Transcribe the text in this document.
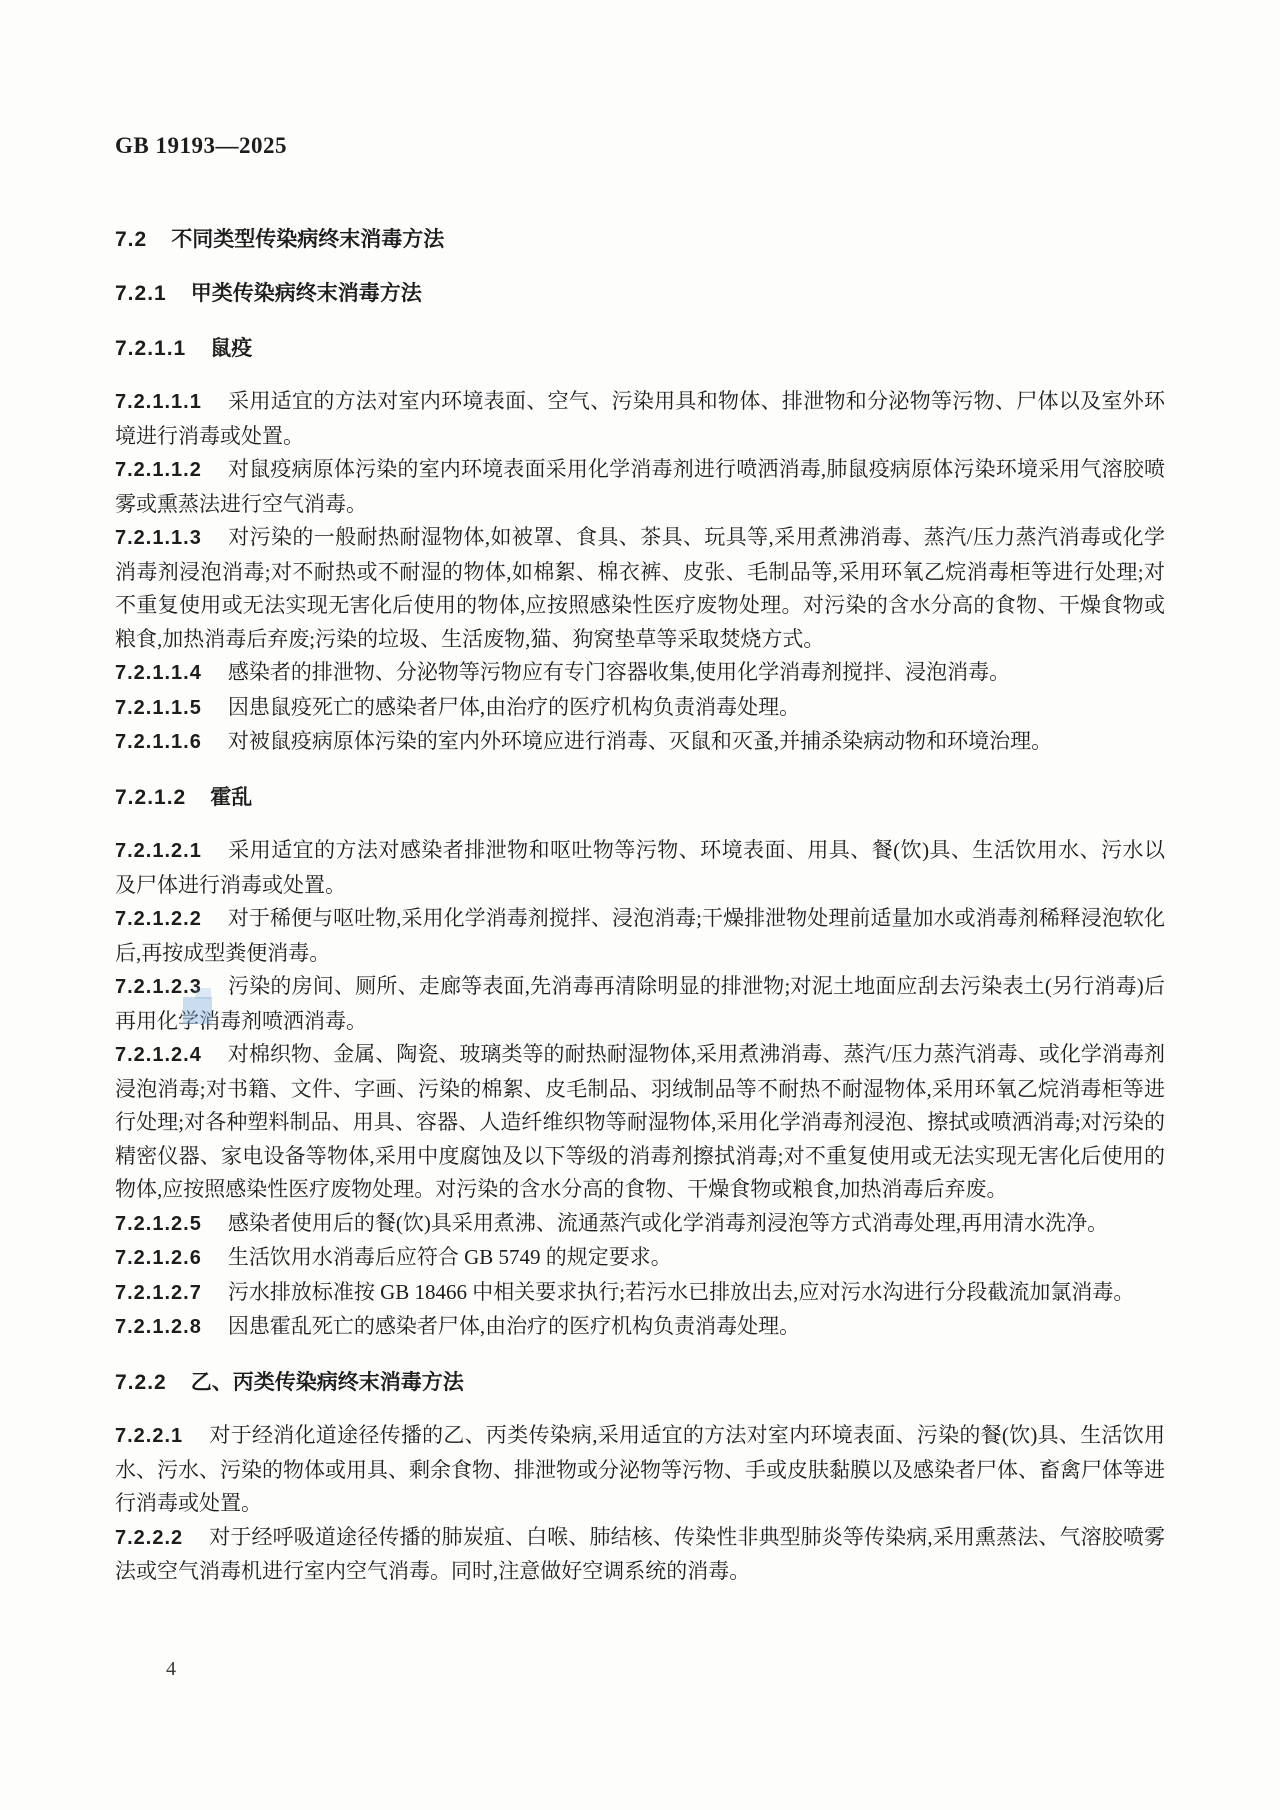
GB 19193—2025

7.2 不同类型传染病终末消毒方法

7.2.1 甲类传染病终末消毒方法

7.2.1.1 鼠疫

7.2.1.1.1 采用适宜的方法对室内环境表面、空气、污染用具和物体、排泄物和分泌物等污物、尸体以及室外环境进行消毒或处置。

7.2.1.1.2 对鼠疫病原体污染的室内环境表面采用化学消毒剂进行喷洒消毒,肺鼠疫病原体污染环境采用气溶胶喷雾或熏蒸法进行空气消毒。

7.2.1.1.3 对污染的一般耐热耐湿物体,如被罩、食具、茶具、玩具等,采用煮沸消毒、蒸汽/压力蒸汽消毒或化学消毒剂浸泡消毒;对不耐热或不耐湿的物体,如棉絮、棉衣裤、皮张、毛制品等,采用环氧乙烷消毒柜等进行处理;对不重复使用或无法实现无害化后使用的物体,应按照感染性医疗废物处理。对污染的含水分高的食物、干燥食物或粮食,加热消毒后弃废;污染的垃圾、生活废物,猫、狗窝垫草等采取焚烧方式。

7.2.1.1.4 感染者的排泄物、分泌物等污物应有专门容器收集,使用化学消毒剂搅拌、浸泡消毒。

7.2.1.1.5 因患鼠疫死亡的感染者尸体,由治疗的医疗机构负责消毒处理。

7.2.1.1.6 对被鼠疫病原体污染的室内外环境应进行消毒、灭鼠和灭蚤,并捕杀染病动物和环境治理。

7.2.1.2 霍乱

7.2.1.2.1 采用适宜的方法对感染者排泄物和呕吐物等污物、环境表面、用具、餐(饮)具、生活饮用水、污水以及尸体进行消毒或处置。

7.2.1.2.2 对于稀便与呕吐物,采用化学消毒剂搅拌、浸泡消毒;干燥排泄物处理前适量加水或消毒剂稀释浸泡软化后,再按成型粪便消毒。

7.2.1.2.3 污染的房间、厕所、走廊等表面,先消毒再清除明显的排泄物;对泥土地面应刮去污染表土(另行消毒)后再用化学消毒剂喷洒消毒。

7.2.1.2.4 对棉织物、金属、陶瓷、玻璃类等的耐热耐湿物体,采用煮沸消毒、蒸汽/压力蒸汽消毒、或化学消毒剂浸泡消毒;对书籍、文件、字画、污染的棉絮、皮毛制品、羽绒制品等不耐热不耐湿物体,采用环氧乙烷消毒柜等进行处理;对各种塑料制品、用具、容器、人造纤维织物等耐湿物体,采用化学消毒剂浸泡、擦拭或喷洒消毒;对污染的精密仪器、家电设备等物体,采用中度腐蚀及以下等级的消毒剂擦拭消毒;对不重复使用或无法实现无害化后使用的物体,应按照感染性医疗废物处理。对污染的含水分高的食物、干燥食物或粮食,加热消毒后弃废。

7.2.1.2.5 感染者使用后的餐(饮)具采用煮沸、流通蒸汽或化学消毒剂浸泡等方式消毒处理,再用清水洗净。

7.2.1.2.6 生活饮用水消毒后应符合 GB 5749 的规定要求。

7.2.1.2.7 污水排放标准按 GB 18466 中相关要求执行;若污水已排放出去,应对污水沟进行分段截流加氯消毒。

7.2.1.2.8 因患霍乱死亡的感染者尸体,由治疗的医疗机构负责消毒处理。

7.2.2 乙、丙类传染病终末消毒方法

7.2.2.1 对于经消化道途径传播的乙、丙类传染病,采用适宜的方法对室内环境表面、污染的餐(饮)具、生活饮用水、污水、污染的物体或用具、剩余食物、排泄物或分泌物等污物、手或皮肤黏膜以及感染者尸体、畜禽尸体等进行消毒或处置。

7.2.2.2 对于经呼吸道途径传播的肺炭疽、白喉、肺结核、传染性非典型肺炎等传染病,采用熏蒸法、气溶胶喷雾法或空气消毒机进行室内空气消毒。同时,注意做好空调系统的消毒。

4
